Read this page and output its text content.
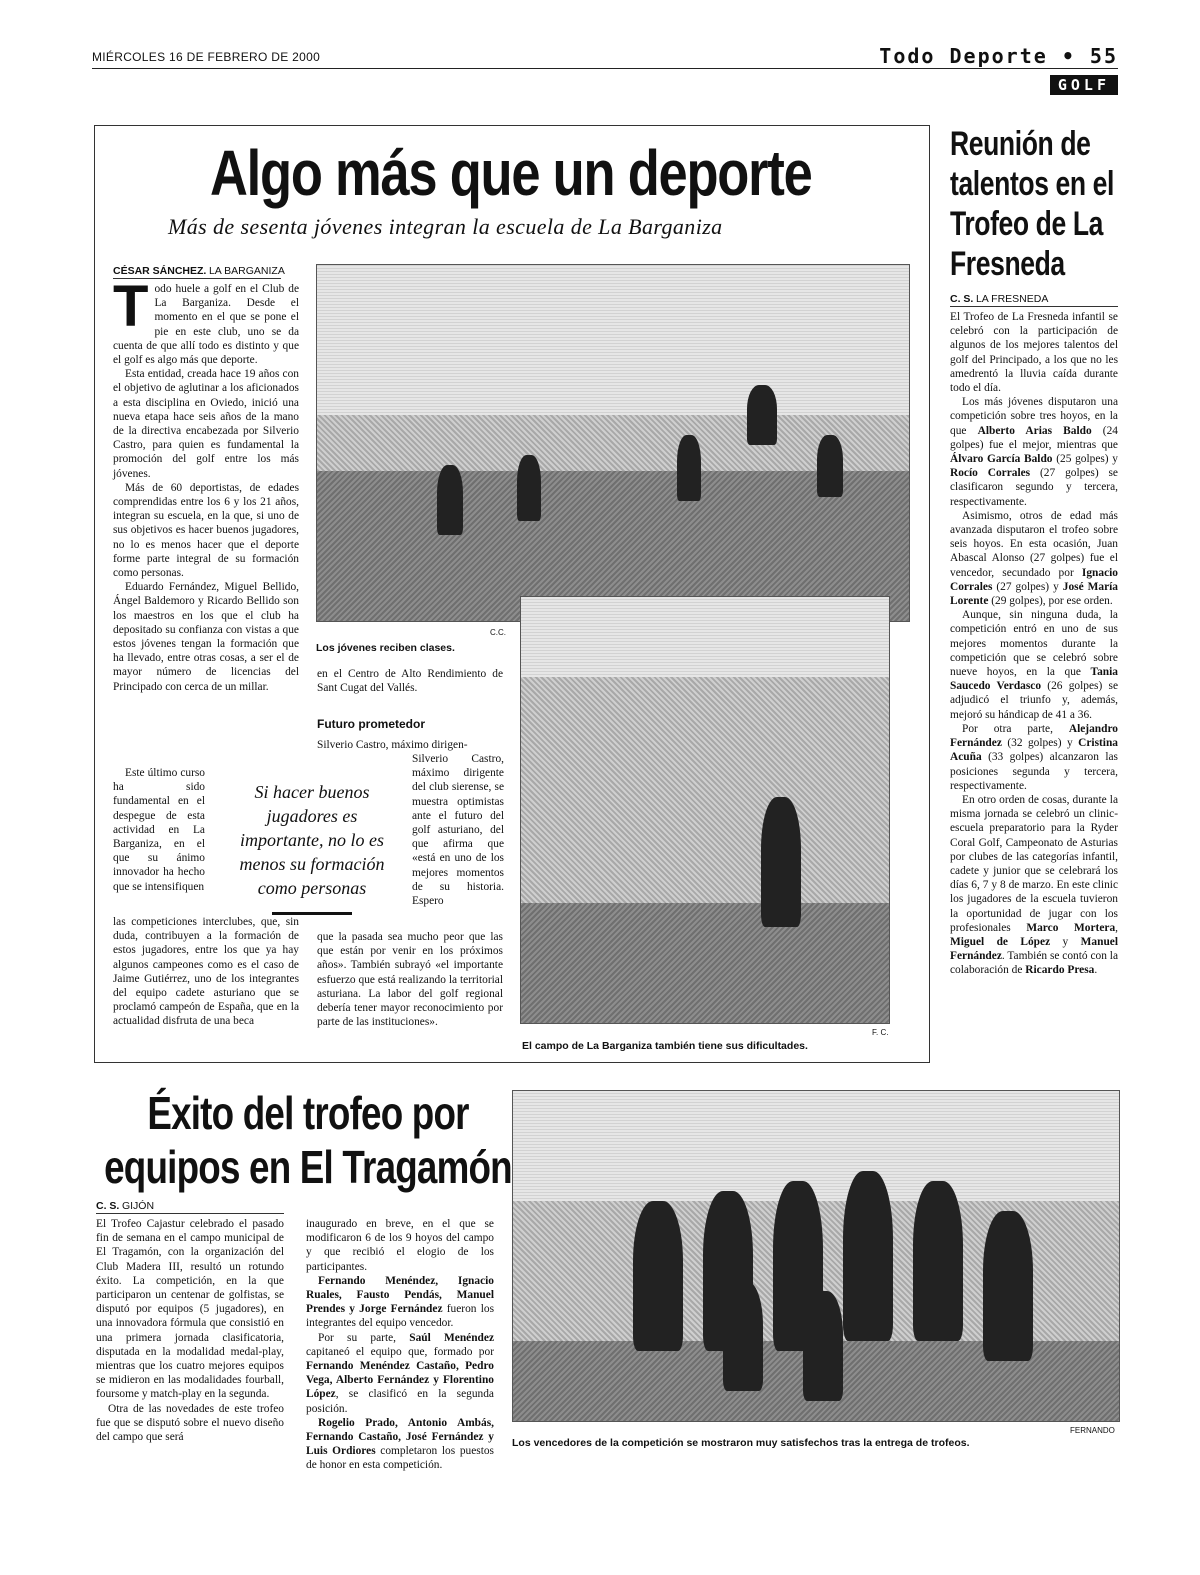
MIÉRCOLES 16 DE FEBRERO DE 2000	Todo Deporte • 55
GOLF
Algo más que un deporte
Más de sesenta jóvenes integran la escuela de La Barganiza
CÉSAR SÁNCHEZ. LA BARGANIZA
T odo huele a golf en el Club de La Barganiza. Desde el momento en el que se pone el pie en este club, uno se da cuenta de que allí todo es distinto y que el golf es algo más que deporte.

Esta entidad, creada hace 19 años con el objetivo de aglutinar a los aficionados a esta disciplina en Oviedo, inició una nueva etapa hace seis años de la mano de la directiva encabezada por Silverio Castro, para quien es fundamental la promoción del golf entre los más jóvenes.

Más de 60 deportistas, de edades comprendidas entre los 6 y los 21 años, integran su escuela, en la que, si uno de sus objetivos es hacer buenos jugadores, no lo es menos hacer que el deporte forme parte integral de su formación como personas.

Eduardo Fernández, Miguel Bellido, Ángel Baldemoro y Ricardo Bellido son los maestros en los que el club ha depositado su confianza con vistas a que estos jóvenes tengan la formación que ha llevado, entre otras cosas, a ser el de mayor número de licencias del Principado con cerca de un millar.

Este último curso ha sido fundamental en el despegue de esta actividad en La Barganiza, en el que su ánimo innovador ha hecho que se intensifiquen

las competiciones interclubes, que, sin duda, contribuyen a la formación de estos jugadores, entre los que ya hay algunos campeones como es el caso de Jaime Gutiérrez, uno de los integrantes del equipo cadete asturiano que se proclamó campeón de España, que en la actualidad disfruta de una beca

C.C.
Los jóvenes reciben clases.

en el Centro de Alto Rendimiento de Sant Cugat del Vallés.

Futuro prometedor

Silverio Castro, máximo dirigen-

Silverio Castro, máximo dirigente del club sierense, se muestra optimistas ante el futuro del golf asturiano, del que afirma que «está en uno de los mejores momentos de su historia. Espero

que la pasada sea mucho peor que las que están por venir en los próximos años». También subrayó «el importante esfuerzo que está realizando la territorial asturiana. La labor del golf regional debería tener mayor reconocimiento por parte de las instituciones».

Si hacer buenos jugadores es importante, no lo es menos su formación como personas
F. C.
El campo de La Barganiza también tiene sus dificultades.
Reunión de talentos en el Trofeo de La Fresneda
C. S. LA FRESNEDA

El Trofeo de La Fresneda infantil se celebró con la participación de algunos de los mejores talentos del golf del Principado, a los que no les amedrentó la lluvia caída durante todo el día.

Los más jóvenes disputaron una competición sobre tres hoyos, en la que Alberto Arias Baldo (24 golpes) fue el mejor, mientras que Álvaro García Baldo (25 golpes) y Rocío Corrales (27 golpes) se clasificaron segundo y tercera, respectivamente.

Asimismo, otros de edad más avanzada disputaron el trofeo sobre seis hoyos. En esta ocasión, Juan Abascal Alonso (27 golpes) fue el vencedor, secundado por Ignacio Corrales (27 golpes) y José María Lorente (29 golpes), por ese orden.

Aunque, sin ninguna duda, la competición entró en uno de sus mejores momentos durante la competición que se celebró sobre nueve hoyos, en la que Tania Saucedo Verdasco (26 golpes) se adjudicó el triunfo y, además, mejoró su hándicap de 41 a 36.

Por otra parte, Alejandro Fernández (32 golpes) y Cristina Acuña (33 golpes) alcanzaron las posiciones segunda y tercera, respectivamente.

En otro orden de cosas, durante la misma jornada se celebró un clinic-escuela preparatorio para la Ryder Coral Golf, Campeonato de Asturias por clubes de las categorías infantil, cadete y junior que se celebrará los días 6, 7 y 8 de marzo. En este clinic los jugadores de la escuela tuvieron la oportunidad de jugar con los profesionales Marco Mortera, Miguel de López y Manuel Fernández. También se contó con la colaboración de Ricardo Presa.

Éxito del trofeo por equipos en El Tragamón
C. S. GIJÓN

El Trofeo Cajastur celebrado el pasado fin de semana en el campo municipal de El Tragamón, con la organización del Club Madera III, resultó un rotundo éxito. La competición, en la que participaron un centenar de golfistas, se disputó por equipos (5 jugadores), en una innovadora fórmula que consistió en una primera jornada clasificatoria, disputada en la modalidad medal-play, mientras que los cuatro mejores equipos se midieron en las modalidades fourball, foursome y match-play en la segunda.

Otra de las novedades de este trofeo fue que se disputó sobre el nuevo diseño del campo que será

inaugurado en breve, en el que se modificaron 6 de los 9 hoyos del campo y que recibió el elogio de los participantes.

Fernando Menéndez, Ignacio Ruales, Fausto Pendás, Manuel Prendes y Jorge Fernández fueron los integrantes del equipo vencedor.

Por su parte, Saúl Menéndez capitaneó el equipo que, formado por Fernando Menéndez Castaño, Pedro Vega, Alberto Fernández y Florentino López, se clasificó en la segunda posición.

Rogelio Prado, Antonio Ambás, Fernando Castaño, José Fernández y Luis Ordiores completaron los puestos de honor en esta competición.

FERNANDO
Los vencedores de la competición se mostraron muy satisfechos tras la entrega de trofeos.
